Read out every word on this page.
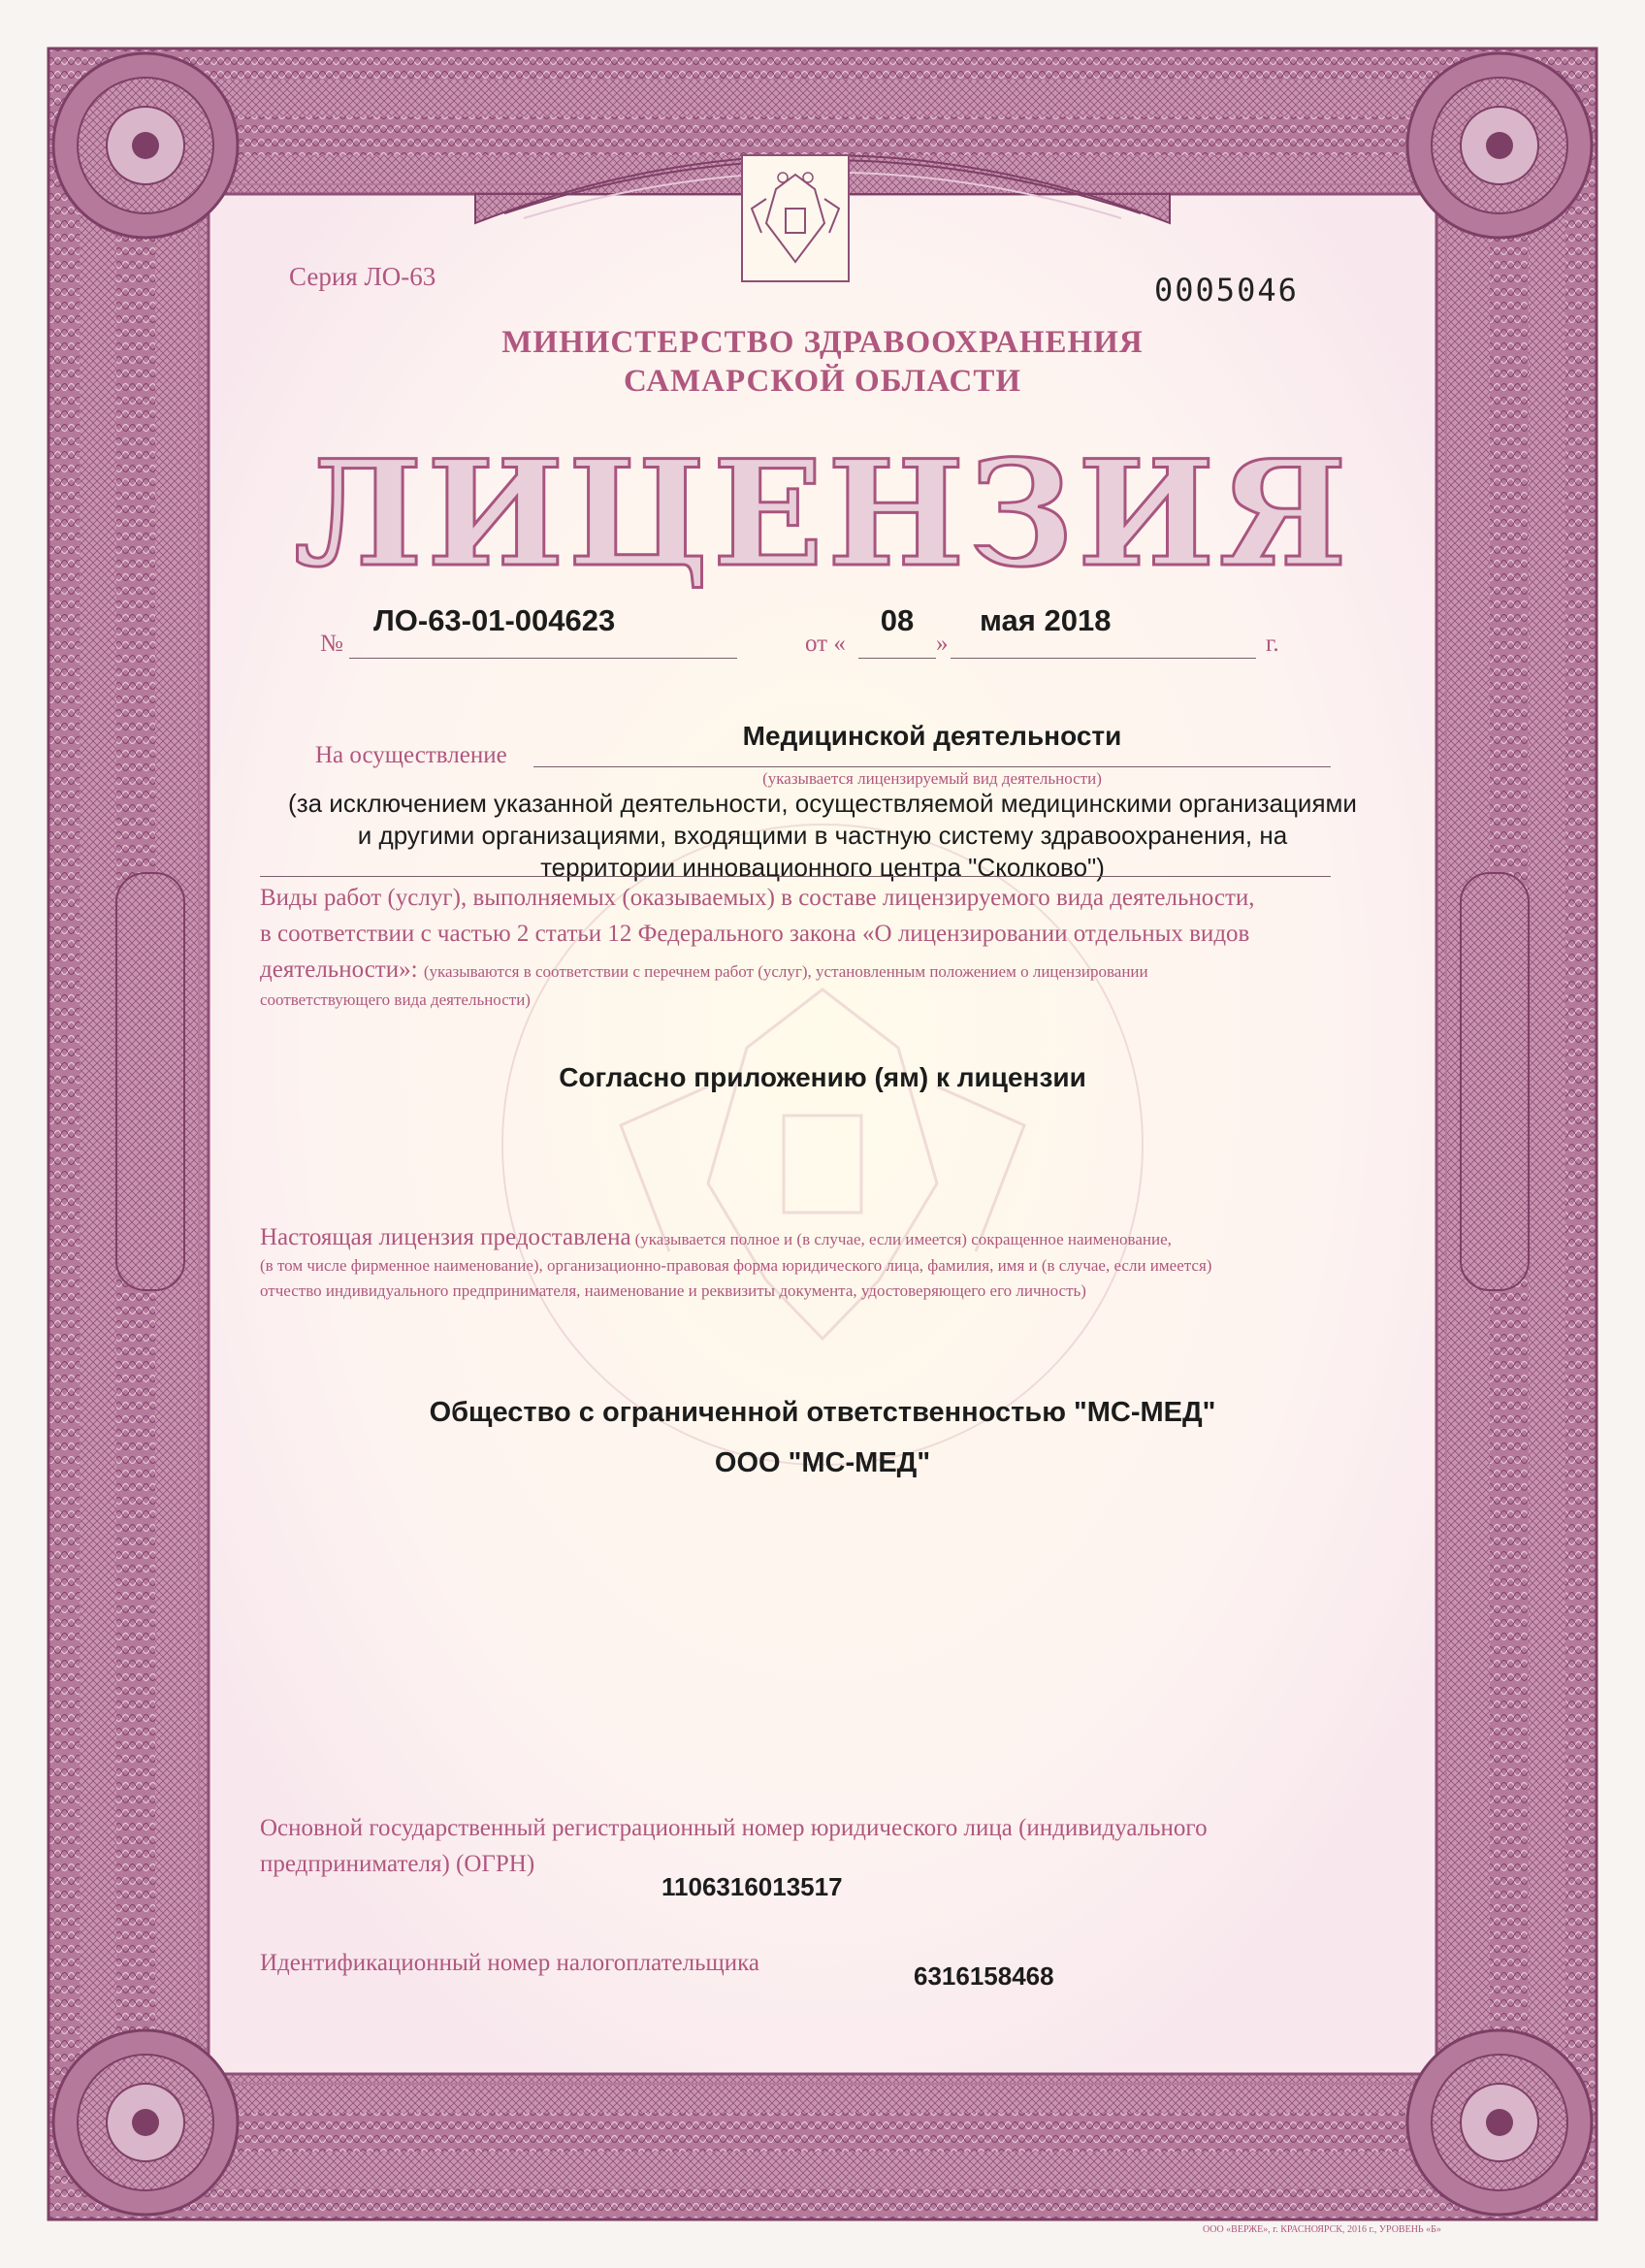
Серия ЛО-63	0005046
МИНИСТЕРСТВО ЗДРАВООХРАНЕНИЯ
САМАРСКОЙ ОБЛАСТИ
ЛИЦЕНЗИЯ
№
ЛО-63-01-004623
от «
08
»
мая 2018
г.
На осуществление
Медицинской деятельности
(указывается лицензируемый вид деятельности)
(за исключением указанной деятельности, осуществляемой медицинскими организациями
и другими организациями, входящими в частную систему здравоохранения, на
территории инновационного центра "Сколково")
Виды работ (услуг), выполняемых (оказываемых) в составе лицензируемого вида деятельности,
в соответствии с частью 2 статьи 12 Федерального закона «О лицензировании отдельных видов
деятельности»: (указываются в соответствии с перечнем работ (услуг), установленным положением о лицензировании
соответствующего вида деятельности)
Согласно приложению (ям) к лицензии
Настоящая лицензия предоставлена (указывается полное и (в случае, если имеется) сокращенное наименование,
(в том числе фирменное наименование), организационно-правовая форма юридического лица, фамилия, имя и (в случае, если имеется)
отчество индивидуального предпринимателя, наименование и реквизиты документа, удостоверяющего его личность)
Общество с ограниченной ответственностью "МС-МЕД"
ООО "МС-МЕД"
Основной государственный регистрационный номер юридического лица (индивидуального
предпринимателя) (ОГРН)
1106316013517
Идентификационный номер налогоплательщика	6316158468
ООО «ВЕРЖЕ», г. КРАСНОЯРСК, 2016 г., УРОВЕНЬ «Б»
